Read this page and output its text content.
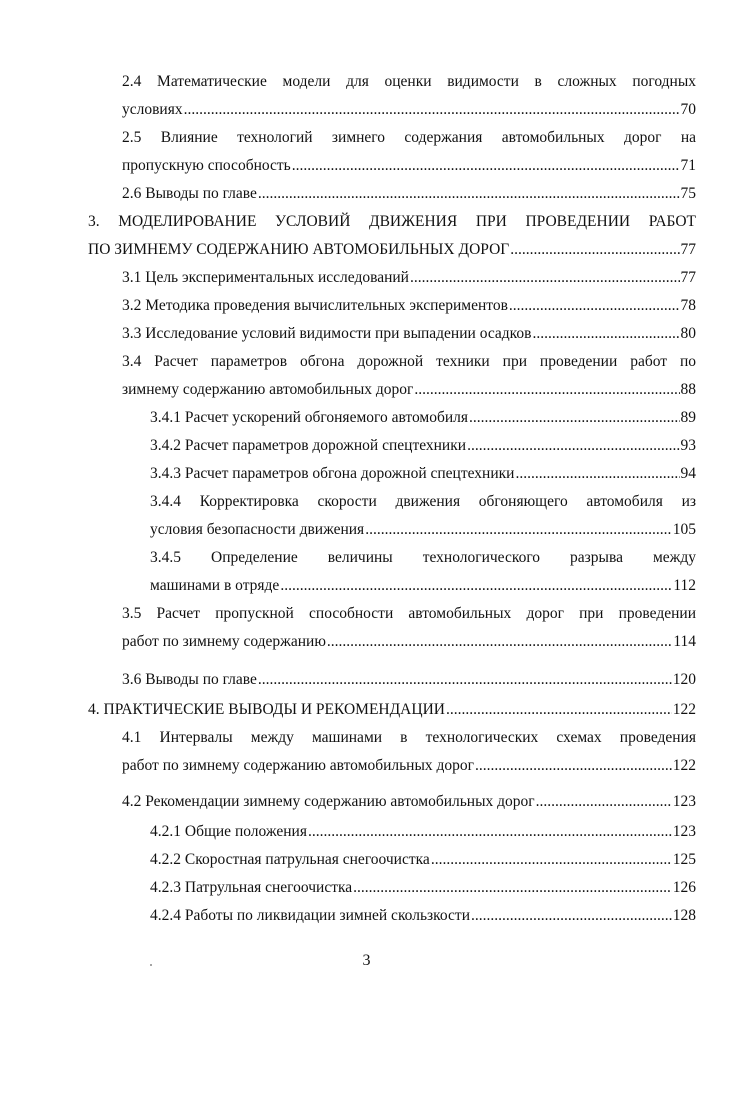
2.4 Математические модели для оценки видимости в сложных погодных
условиях .....	70
2.5 Влияние технологий зимнего содержания автомобильных дорог на
пропускную способность .....	71
2.6 Выводы по главе .....	75
3. МОДЕЛИРОВАНИЕ УСЛОВИЙ ДВИЖЕНИЯ ПРИ ПРОВЕДЕНИИ РАБОТ
ПО ЗИМНЕМУ СОДЕРЖАНИЮ АВТОМОБИЛЬНЫХ ДОРОГ .....	77
3.1 Цель экспериментальных исследований .....	77
3.2 Методика проведения вычислительных экспериментов .....	78
3.3 Исследование условий видимости при выпадении осадков .....	80
3.4 Расчет параметров обгона дорожной техники при проведении работ по
зимнему содержанию автомобильных дорог .....	88
3.4.1 Расчет ускорений обгоняемого автомобиля .....	89
3.4.2 Расчет параметров дорожной спецтехники .....	93
3.4.3 Расчет параметров обгона дорожной спецтехники .....	94
3.4.4 Корректировка скорости движения обгоняющего автомобиля из
условия безопасности движения .....	105
3.4.5 Определение величины технологического разрыва между
машинами в отряде .....	112
3.5 Расчет пропускной способности автомобильных дорог при проведении
работ по зимнему содержанию .....	114
3.6 Выводы по главе .....	120
4. ПРАКТИЧЕСКИЕ ВЫВОДЫ И РЕКОМЕНДАЦИИ .....	122
4.1 Интервалы между машинами в технологических схемах проведения
работ по зимнему содержанию автомобильных дорог .....	122
4.2 Рекомендации зимнему содержанию автомобильных дорог .....	123
4.2.1 Общие положения .....	123
4.2.2 Скоростная патрульная снегоочистка .....	125
4.2.3 Патрульная снегоочистка .....	126
4.2.4 Работы по ликвидации зимней скользкости .....	128
3
